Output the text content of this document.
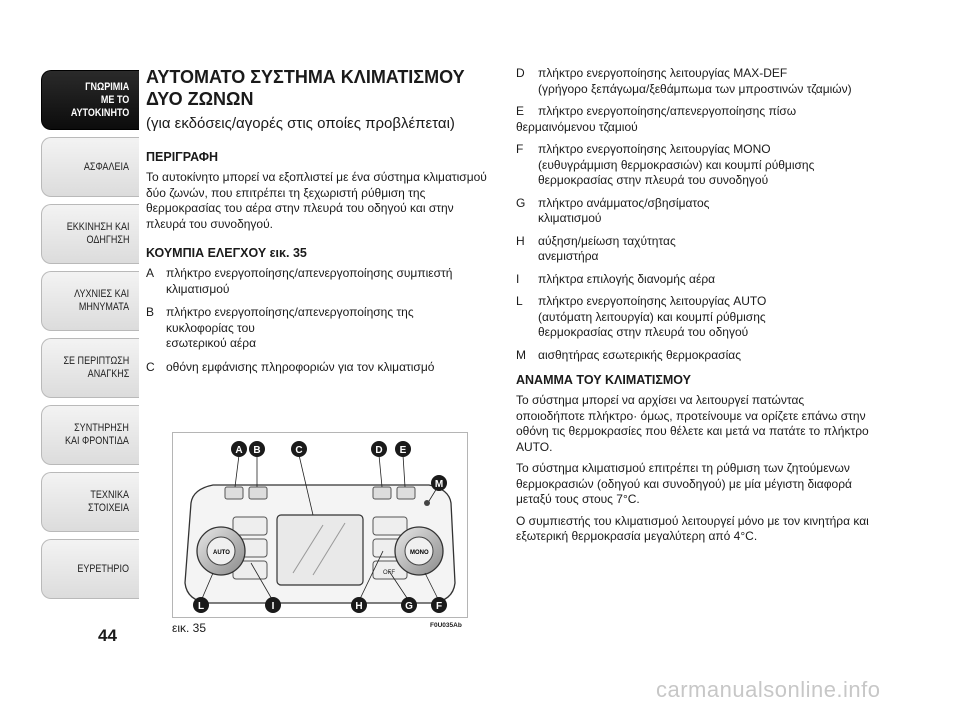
ΓΝΩΡΙΜΙΑ
ΜΕ ΤΟ
ΑΥΤΟΚΙΝΗΤΟ
ΑΣΦΑΛΕΙΑ
ΕΚΚΙΝΗΣΗ ΚΑΙ
ΟΔΗΓΗΣΗ
ΛΥΧΝΙΕΣ ΚΑΙ
ΜΗΝΥΜΑΤΑ
ΣΕ ΠΕΡΙΠΤΩΣΗ
ΑΝΑΓΚΗΣ
ΣΥΝΤΗΡΗΣΗ
ΚΑΙ ΦΡΟΝΤΙΔΑ
ΤΕΧΝΙΚΑ
ΣΤΟΙΧΕΙΑ
ΕΥΡΕΤΗΡΙΟ
44
ΑΥΤΟΜΑΤΟ ΣΥΣΤΗΜΑ ΚΛΙΜΑΤΙΣΜΟΥ ΔΥΟ ΖΩΝΩΝ
(για εκδόσεις/αγορές στις οποίες προβλέπεται)
ΠΕΡΙΓΡΑΦΗ
Το αυτοκίνητο μπορεί να εξοπλιστεί με ένα σύστημα κλιματισμού δύο ζωνών, που επιτρέπει τη ξεχωριστή ρύθμιση της θερμοκρασίας του αέρα στην πλευρά του οδηγού και στην πλευρά του συνοδηγού.
ΚΟΥΜΠΙΑ ΕΛΕΓΧΟΥ εικ. 35
A πλήκτρο ενεργοποίησης/απενεργοποίησης συμπιεστή
κλιματισμού
B πλήκτρο ενεργοποίησης/απενεργοποίησης της
κυκλοφορίας του
εσωτερικού αέρα
C οθόνη εμφάνισης πληροφοριών για τον κλιματισμό
OFF
AUTO	MONO
A B	C	D E
M
L	I	H	G F
εικ. 35	F0U035Ab
D	πλήκτρο ενεργοποίησης λειτουργίας MAX-DEF
(γρήγορο ξεπάγωμα/ξεθάμπωμα των μπροστινών τζαμιών)
E πλήκτρο ενεργοποίησης/απενεργοποίησης πίσω θερμαινόμενου τζαμιού
F	πλήκτρο ενεργοποίησης λειτουργίας MONO
(ευθυγράμμιση θερμοκρασιών) και κουμπί ρύθμισης
θερμοκρασίας στην πλευρά του συνοδηγού
G	πλήκτρο ανάμματος/σβησίματος
κλιματισμού
H	αύξηση/μείωση ταχύτητας
ανεμιστήρα
I	πλήκτρα επιλογής διανομής αέρα
L	πλήκτρο ενεργοποίησης λειτουργίας AUTO
(αυτόματη λειτουργία) και κουμπί ρύθμισης
θερμοκρασίας στην πλευρά του οδηγού
M	αισθητήρας εσωτερικής θερμοκρασίας
ΑΝΑΜΜΑ ΤΟΥ ΚΛΙΜΑΤΙΣΜΟΥ
Το σύστημα μπορεί να αρχίσει να λειτουργεί πατώντας οποιοδήποτε πλήκτρο· όμως, προτείνουμε να ορίζετε επάνω στην οθόνη τις θερμοκρασίες που θέλετε και μετά να πατάτε το πλήκτρο AUTO.
Το σύστημα κλιματισμού επιτρέπει τη ρύθμιση των ζητούμενων θερμοκρασιών (οδηγού και συνοδηγού) με μία μέγιστη διαφορά μεταξύ τους στους 7°C.
Ο συμπιεστής του κλιματισμού λειτουργεί μόνο με τον κινητήρα και εξωτερική θερμοκρασία μεγαλύτερη από 4°C.
carmanualsonline.info
